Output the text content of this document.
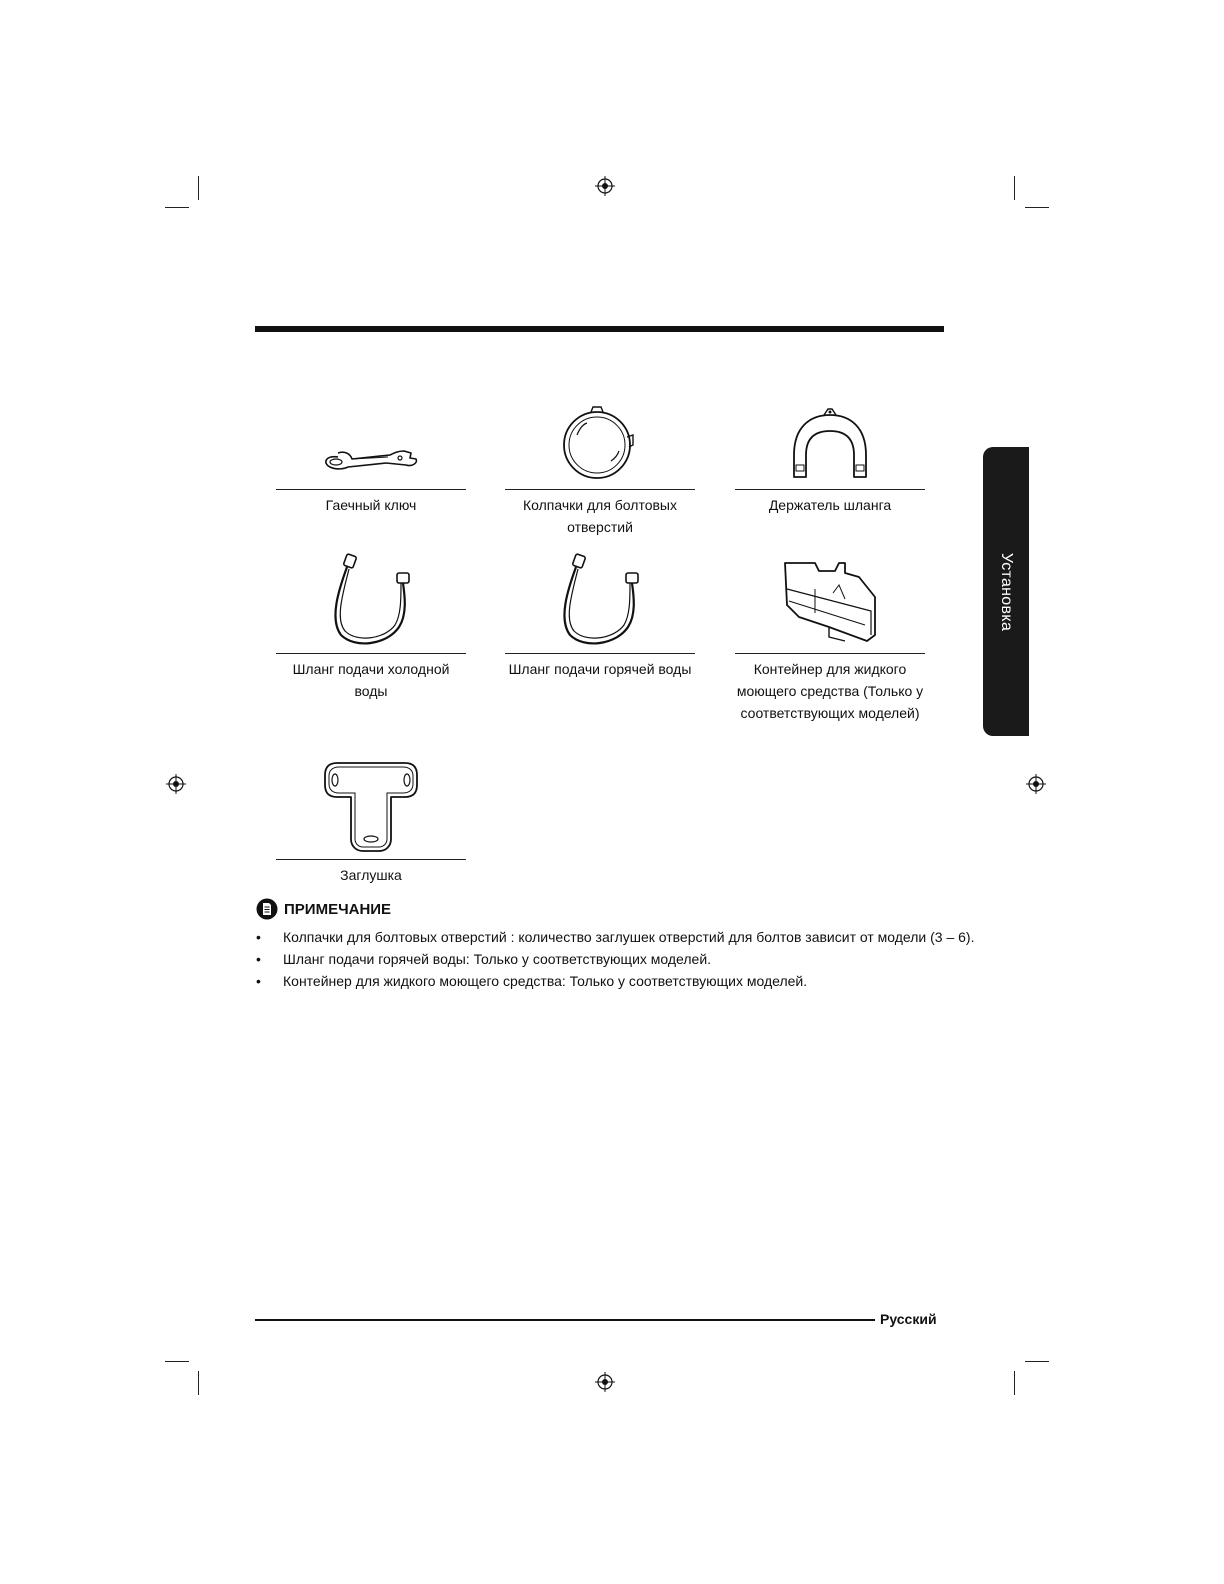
Установка
Гаечный ключ	Колпачки для болтовых отверстий
Держатель шланга
Шланг подачи холодной воды
Шланг подачи горячей воды	Контейнер для жидкого моющего средства (Только у соответствующих моделей)
Заглушка
ПРИМЕЧАНИЕ
• Колпачки для болтовых отверстий : количество заглушек отверстий для болтов зависит от модели (3 – 6).
• Шланг подачи горячей воды: Только у соответствующих моделей.
• Контейнер для жидкого моющего средства: Только у соответствующих моделей.
Русский
